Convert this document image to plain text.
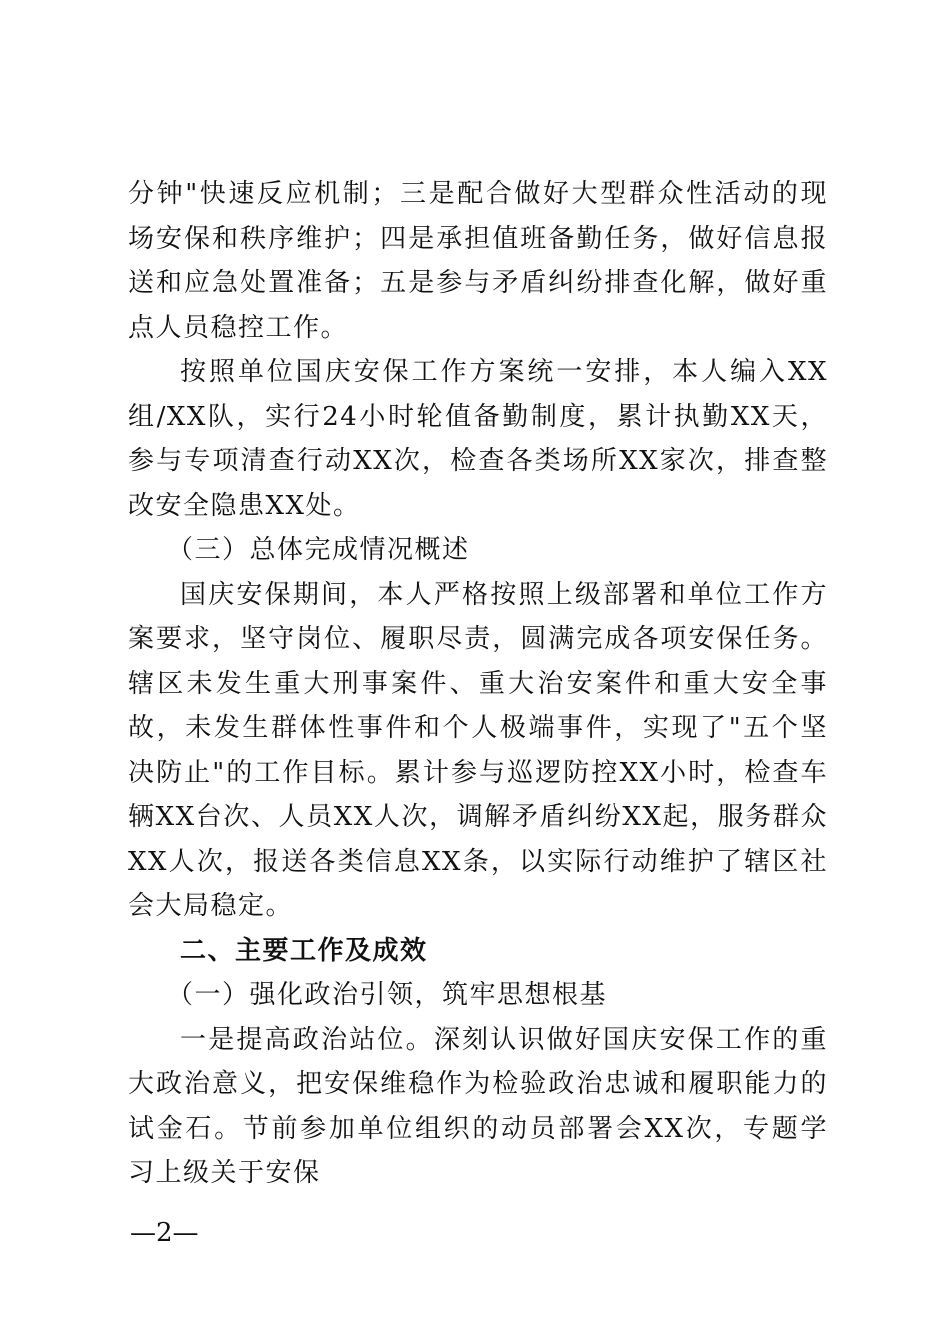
分钟"快速反应机制；三是配合做好大型群众性活动的现场安保和秩序维护；四是承担值班备勤任务，做好信息报送和应急处置准备；五是参与矛盾纠纷排查化解，做好重点人员稳控工作。

按照单位国庆安保工作方案统一安排，本人编入XX组/XX队，实行24小时轮值备勤制度，累计执勤XX天，参与专项清查行动XX次，检查各类场所XX家次，排查整改安全隐患XX处。

（三）总体完成情况概述

国庆安保期间，本人严格按照上级部署和单位工作方案要求，坚守岗位、履职尽责，圆满完成各项安保任务。辖区未发生重大刑事案件、重大治安案件和重大安全事故，未发生群体性事件和个人极端事件，实现了"五个坚决防止"的工作目标。累计参与巡逻防控XX小时，检查车辆XX台次、人员XX人次，调解矛盾纠纷XX起，服务群众XX人次，报送各类信息XX条，以实际行动维护了辖区社会大局稳定。

二、主要工作及成效

（一）强化政治引领，筑牢思想根基

一是提高政治站位。深刻认识做好国庆安保工作的重大政治意义，把安保维稳作为检验政治忠诚和履职能力的试金石。节前参加单位组织的动员部署会XX次，专题学习上级关于安保

—2—
